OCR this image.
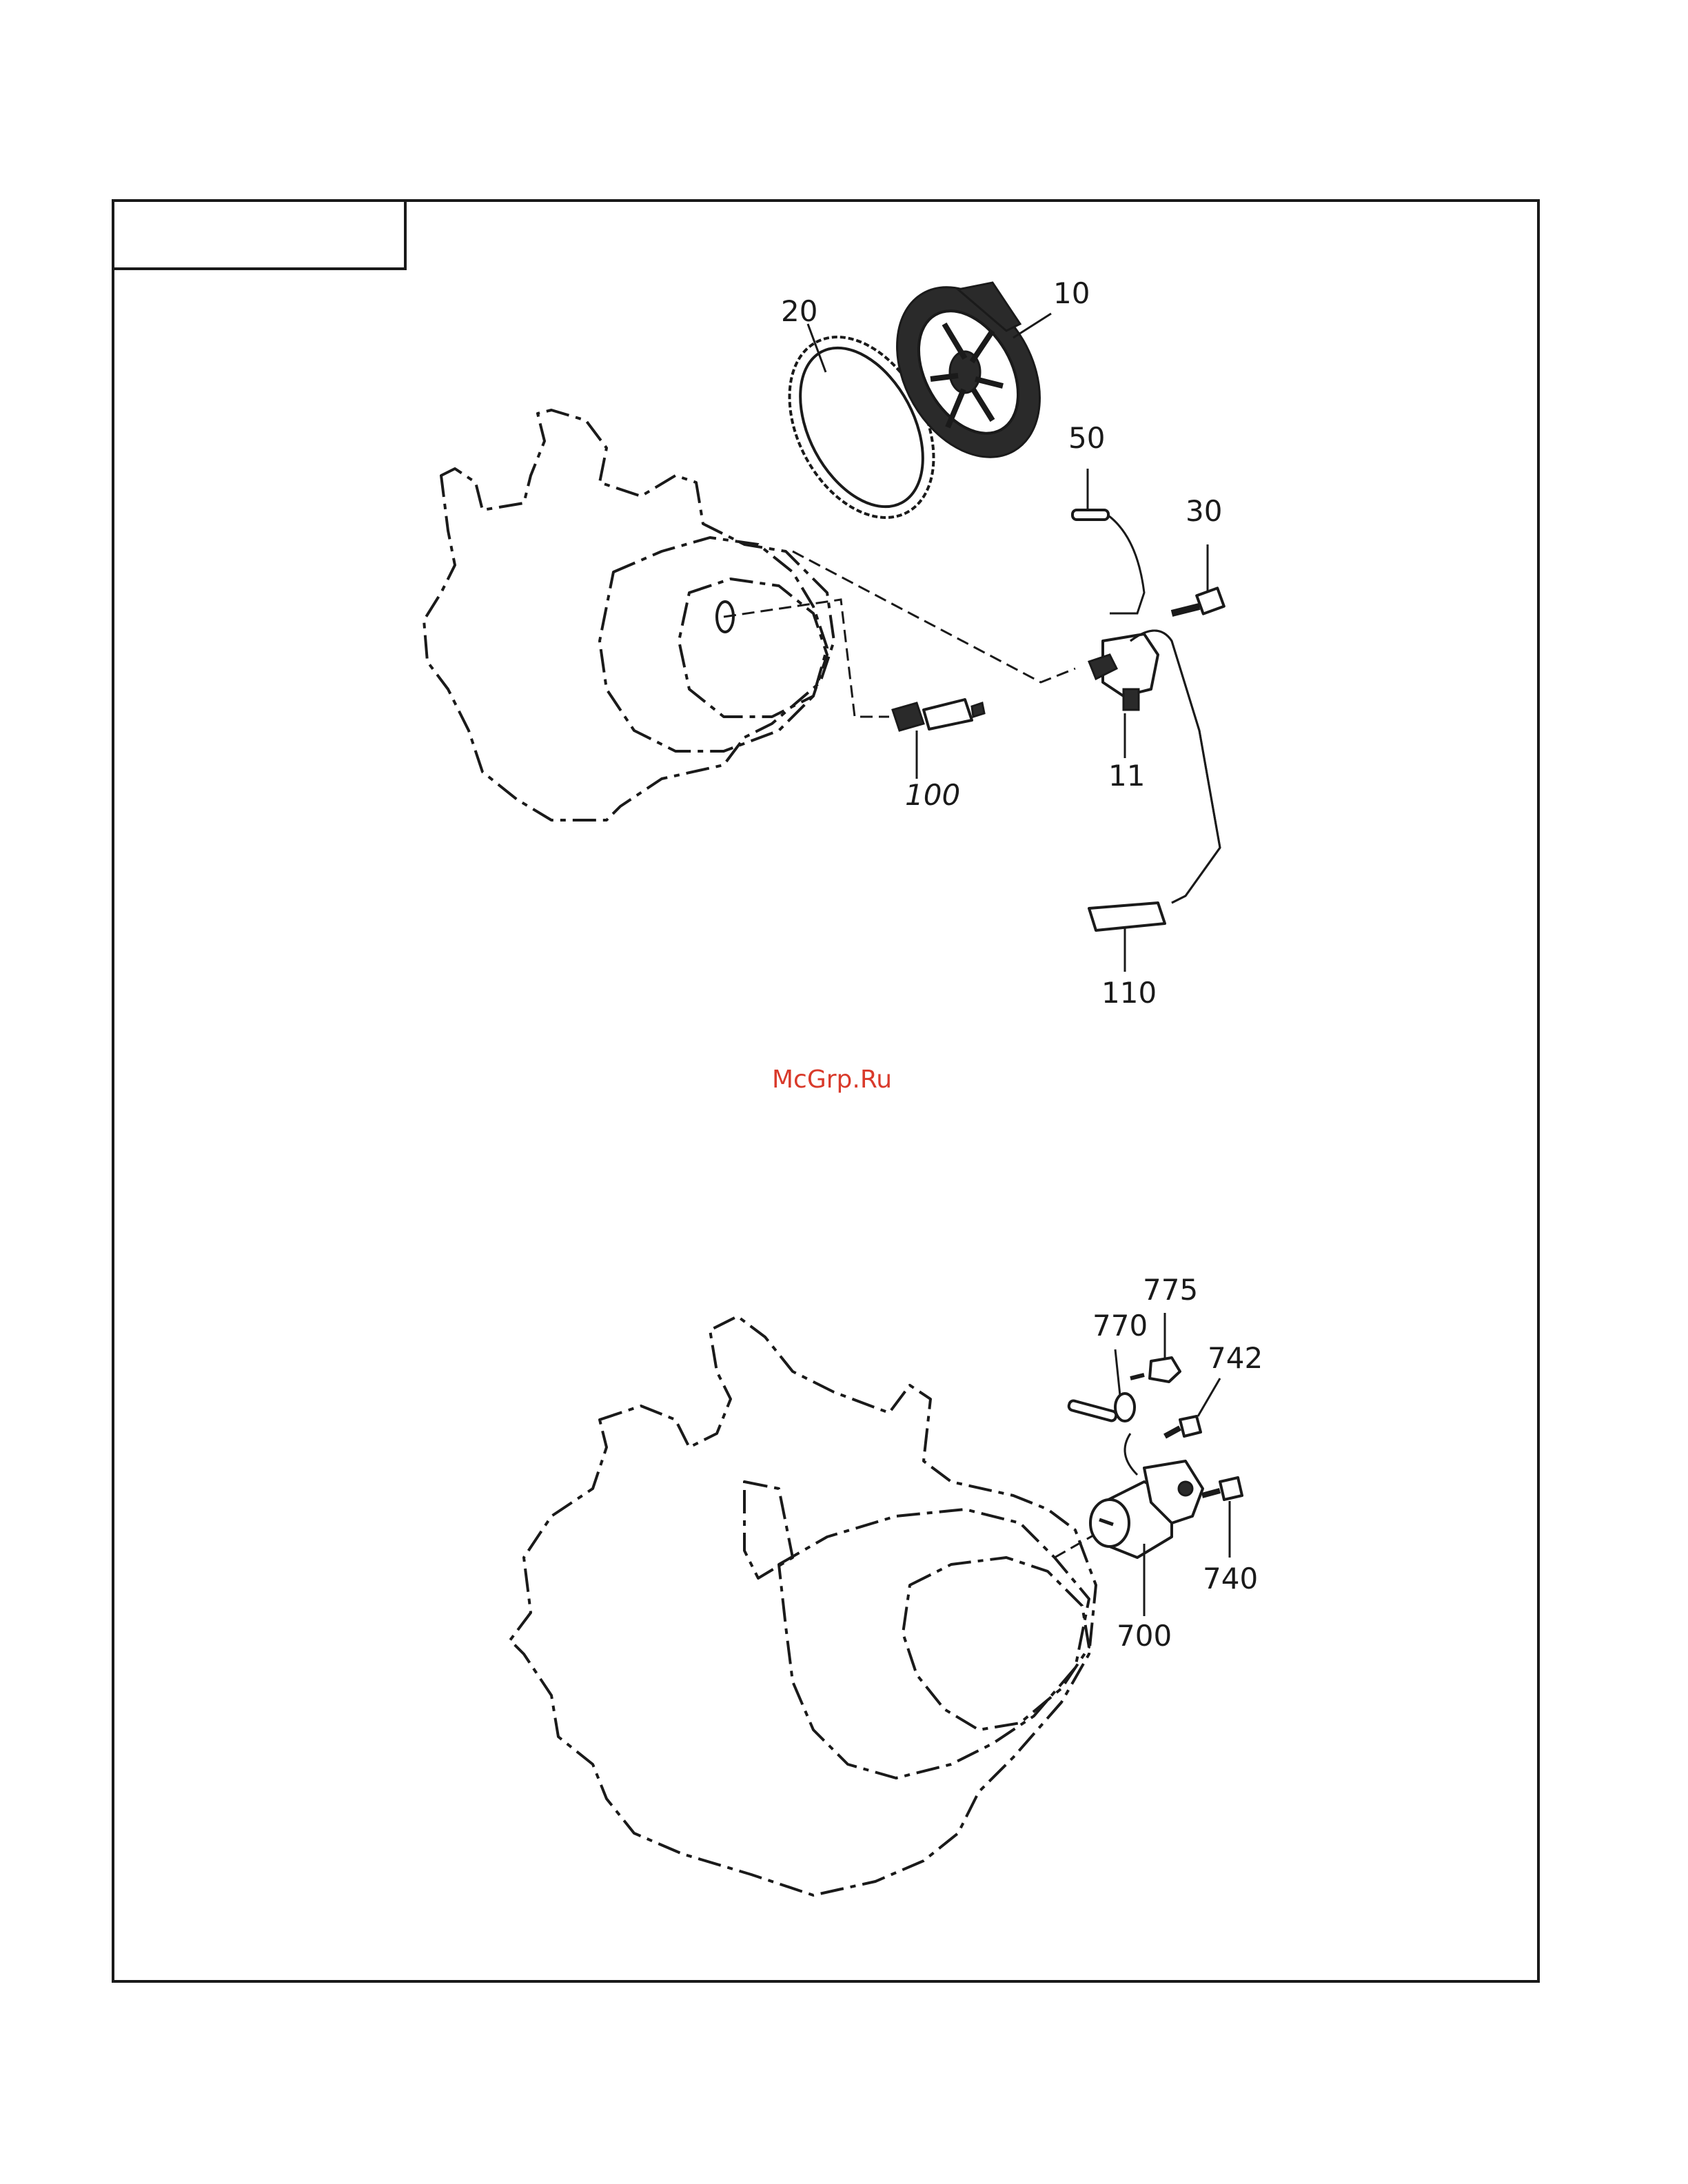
20
10
50
30
11
100
110
McGrp.Ru
775
770
742
740
700
